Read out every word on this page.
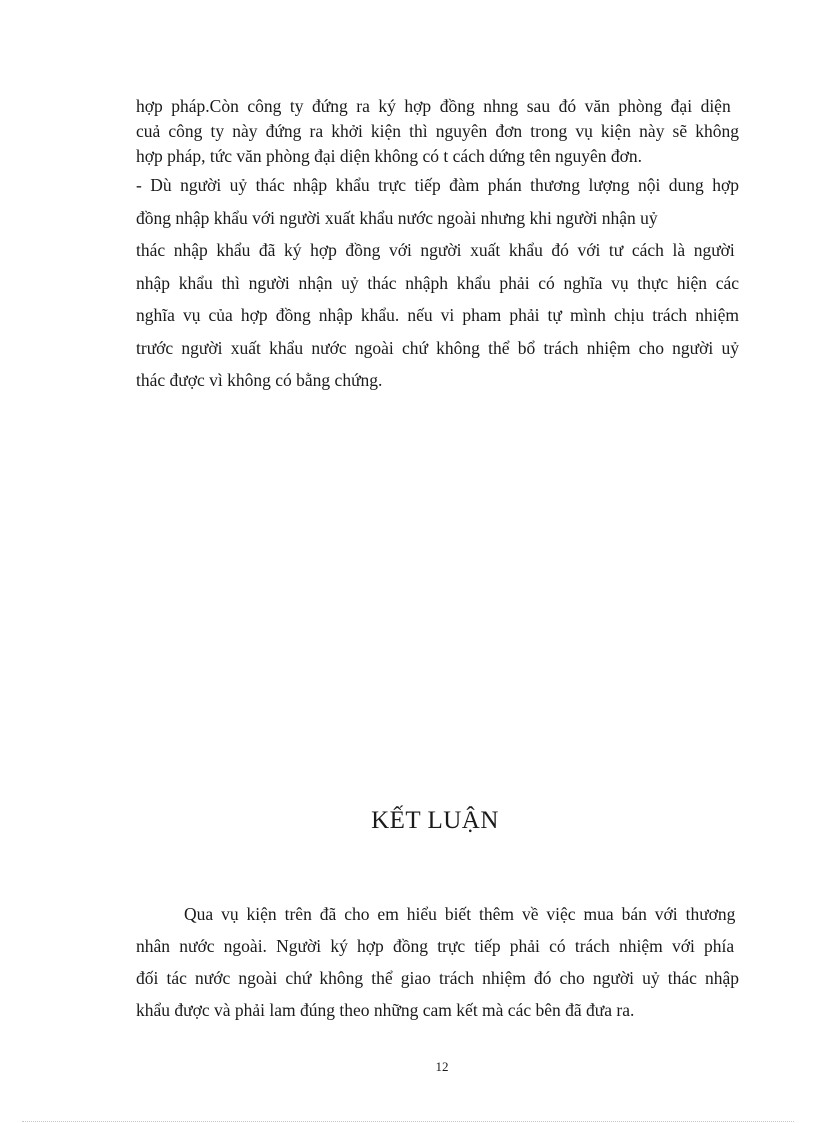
hợp pháp.Còn công ty đứng ra ký hợp đồng nhng sau đó văn phòng đại diện
cuả công ty này đứng ra khởi kiện thì nguyên đơn trong vụ kiện này sẽ không
hợp pháp, tức văn phòng đại diện không có t cách dứng tên nguyên đơn.
- Dù người uỷ thác nhập khẩu trực tiếp đàm phán thương lượng nội dung hợp
đồng nhập khẩu với người xuất khẩu nước ngoài nhưng khi người nhận uỷ
thác nhập khẩu đã ký hợp đồng với người xuất khẩu đó với tư cách là người
nhập khẩu thì người nhận uỷ thác nhậph khẩu phải có nghĩa vụ thực hiện các
nghĩa vụ của hợp đồng nhập khẩu. nếu vi pham phải tự mình chịu trách nhiệm
trước người xuất khẩu nước ngoài chứ không thể bổ trách nhiệm cho người uỷ
thác được vì không có bằng chứng.
KẾT LUẬN
Qua vụ kiện trên đã cho em hiểu biết thêm về việc mua bán với thương
nhân nước ngoài. Người ký hợp đồng trực tiếp phải có trách nhiệm với phía
đối tác nước ngoài chứ không thể giao trách nhiệm đó cho người uỷ thác nhập
khẩu được và phải lam đúng theo những cam kết mà các bên đã đưa ra.
12
